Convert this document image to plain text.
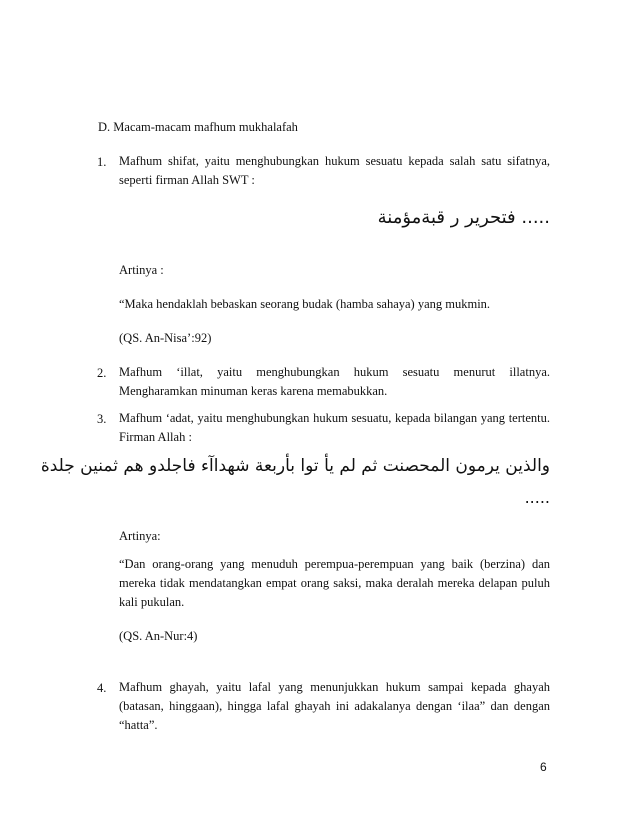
D. Macam-macam mafhum mukhalafah
1. Mafhum shifat, yaitu menghubungkan hukum sesuatu kepada salah satu sifatnya, seperti firman Allah SWT :
..... فتحرير ر قبةمؤمنة
Artinya :
“Maka hendaklah bebaskan seorang budak (hamba sahaya) yang mukmin.
(QS. An-Nisa’:92)
2. Mafhum ‘illat, yaitu menghubungkan hukum sesuatu menurut illatnya. Mengharamkan minuman keras karena memabukkan.
3. Mafhum ‘adat, yaitu menghubungkan hukum sesuatu, kepada bilangan yang tertentu. Firman Allah :
والذين يرمون المحصنت ثم لم يأ توا بأربعة شهداآء فاجلدو هم ثمنين جلدة
.....
Artinya:
“Dan orang-orang yang menuduh perempua-perempuan yang baik (berzina) dan mereka tidak mendatangkan empat orang saksi, maka deralah mereka delapan puluh kali pukulan.
(QS. An-Nur:4)
4. Mafhum ghayah, yaitu lafal yang menunjukkan hukum sampai kepada ghayah (batasan, hinggaan), hingga lafal ghayah ini adakalanya dengan ‘ilaa” dan dengan “hatta”.
6
